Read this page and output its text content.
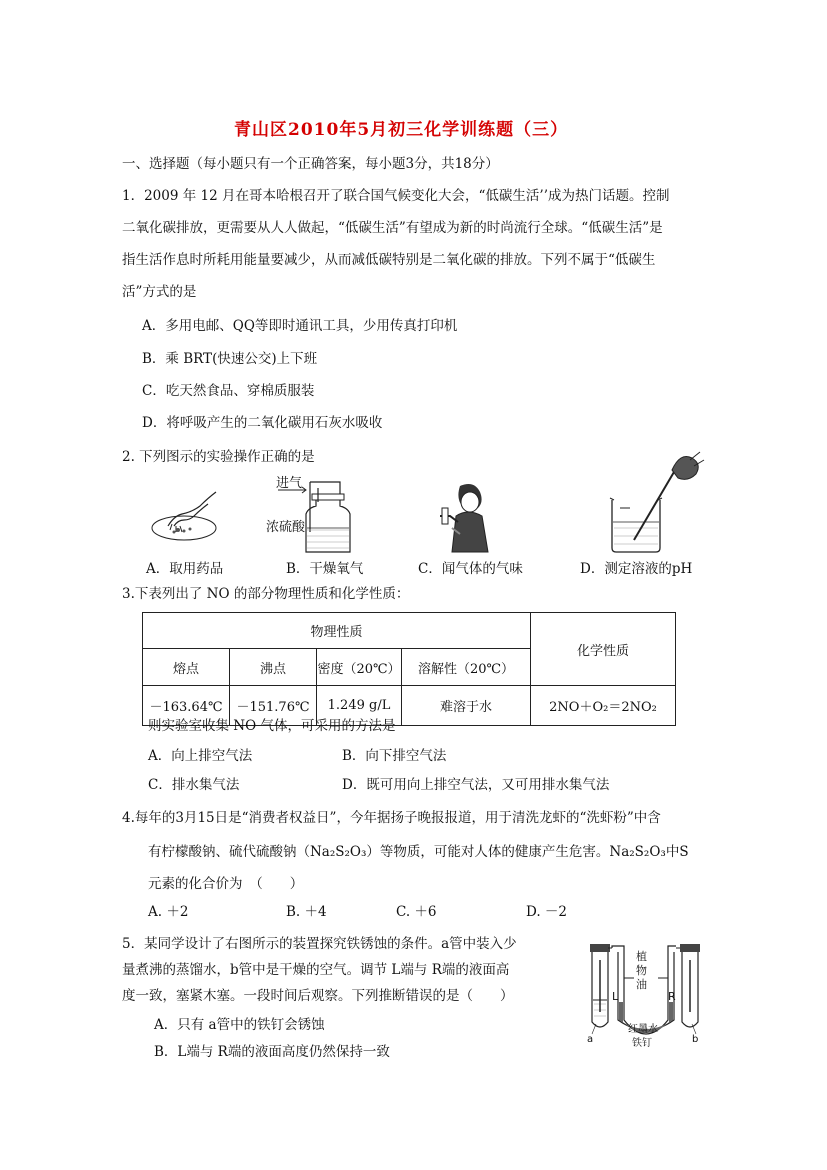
青山区2010年5月初三化学训练题（三）
一、选择题（每小题只有一个正确答案，每小题3分，共18分）
1．2009 年 12 月在哥本哈根召开了联合国气候变化大会，“低碳生活’’成为热门话题。控制
二氧化碳排放，更需要从人人做起，“低碳生活”有望成为新的时尚流行全球。“低碳生活”是
指生活作息时所耗用能量要减少，从而减低碳特别是二氧化碳的排放。下列不属于“低碳生
活”方式的是
A．多用电邮、QQ等即时通讯工具，少用传真打印机
B．乘 BRT(快速公交)上下班
C．吃天然食品、穿棉质服装
D．将呼吸产生的二氧化碳用石灰水吸收
2. 下列图示的实验操作正确的是
进气
浓硫酸
A．取用药品	B．干燥氧气	C．闻气体的气味	D．测定溶液的pH
3.下表列出了 NO 的部分物理性质和化学性质：
物理性质				化学性质
熔点	沸点	密度（20℃）	溶解性（20℃）	
－163.64℃	－151.76℃	1.249 g/L	难溶于水	2NO＋O₂＝2NO₂
则实验室收集 NO 气体，可采用的方法是
A．向上排空气法	B．向下排空气法
C．排水集气法	D．既可用向上排空气法，又可用排水集气法
4.每年的3月15日是“消费者权益日”，今年据扬子晚报报道，用于清洗龙虾的“洗虾粉”中含
有柠檬酸钠、硫代硫酸钠（Na₂S₂O₃）等物质，可能对人体的健康产生危害。Na₂S₂O₃中S
元素的化合价为　（　　）
A. ＋2	B. ＋4	C. ＋6	D. －2
5．某同学设计了右图所示的装置探究铁锈蚀的条件。a管中装入少
量煮沸的蒸馏水，b管中是干燥的空气。调节 L端与 R端的液面高
度一致，塞紧木塞。一段时间后观察。下列推断错误的是（　　）
A．只有 a管中的铁钉会锈蚀
B．L端与 R端的液面高度仍然保持一致
植
物
油
L	R
红墨水
铁钉
a	b
